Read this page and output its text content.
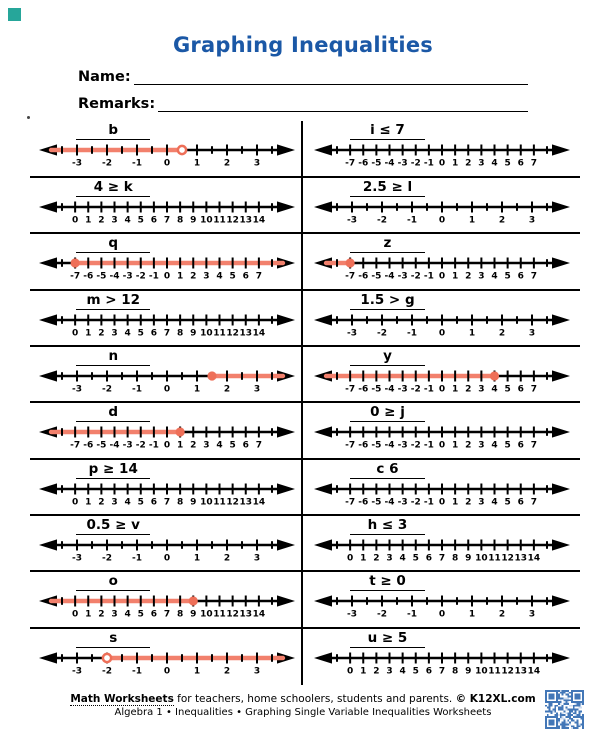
Graphing Inequalities
Name:
Remarks:
b
-3 -2 -1 0	1	2	3
4 ≥ k
0 1 2 3 4 5 6 7 8 9 10 11 12 13 14
q
-7 -6 -5 -4 -3 -2 -1 0 1 2 3 4 5 6 7
m > 12
0 1 2 3 4 5 6 7 8 9 10 11 12 13 14
n
-3 -2 -1 0	1	2	3
d
-7 -6 -5 -4 -3 -2 -1 0 1 2 3 4 5 6 7
p ≥ 14
0 1 2 3 4 5 6 7 8 9 10 11 12 13 14
0.5 ≥ v
-3 -2 -1 0	1	2	3
o
0 1 2 3 4 5 6 7 8 9 10 11 12 13 14
s
-3 -2 -1 0	1	2	3
i ≤ 7
-7 -6 -5 -4 -3 -2 -1 0 1 2 3 4 5 6 7
2.5 ≥ l
-3 -2 -1 0	1	2	3
z
-7 -6 -5 -4 -3 -2 -1 0 1 2 3 4 5 6 7
1.5 > g
-3 -2 -1 0	1	2	3
y
-7 -6 -5 -4 -3 -2 -1 0 1 2 3 4 5 6 7
0 ≥ j
-7 -6 -5 -4 -3 -2 -1 0 1 2 3 4 5 6 7
c 6
-7 -6 -5 -4 -3 -2 -1 0 1 2 3 4 5 6 7
h ≤ 3
0 1 2 3 4 5 6 7 8 9 10 11 12 13 14
t ≥ 0
-3 -2 -1 0	1	2	3
u ≥ 5
0 1 2 3 4 5 6 7 8 9 10 11 12 13 14
Math Worksheets for teachers, home schoolers, students and parents. © K12XL.com
Algebra 1 • Inequalities • Graphing Single Variable Inequalities Worksheets
